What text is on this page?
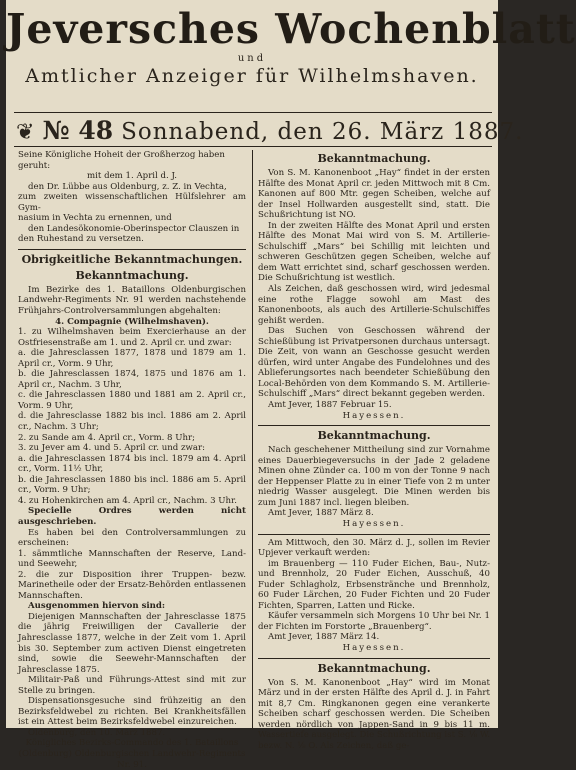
Jeversches Wochenblatt
und
Amtlicher Anzeiger für Wilhelmshaven.
❦ № 48 Sonnabend, den 26. März 1887.

Seine Königliche Hoheit der Großherzog haben

geruht:

mit dem 1. April d. J.

den Dr. Lübbe aus Oldenburg, z. Z. in Vechta,

zum zweiten wissenschaftlichen Hülfslehrer am Gym-

nasium in Vechta zu ernennen, und

den Landesökonomie-Oberinspector Clauszen in

den Ruhestand zu versetzen.

Obrigkeitliche Bekanntmachungen.
Bekanntmachung.

Im Bezirke des 1. Bataillons Oldenburgischen Landwehr-Regiments Nr. 91 werden nachstehende Frühjahrs-Controlversammlungen abgehalten:

4. Compagnie (Wilhelmshaven).

1. zu Wilhelmshaven beim Exercierhause an der Ostfriesenstraße am 1. und 2. April cr. und zwar:

a. die Jahresclassen 1877, 1878 und 1879 am 1. April cr., Vorm. 9 Uhr,

b. die Jahresclassen 1874, 1875 und 1876 am 1. April cr., Nachm. 3 Uhr,

c. die Jahresclassen 1880 und 1881 am 2. April cr., Vorm. 9 Uhr,

d. die Jahresclasse 1882 bis incl. 1886 am 2. April cr., Nachm. 3 Uhr;

2. zu Sande am 4. April cr., Vorm. 8 Uhr;

3. zu Jever am 4. und 5. April cr. und zwar:

a. die Jahresclassen 1874 bis incl. 1879 am 4. April cr., Vorm. 11½ Uhr,

b. die Jahresclassen 1880 bis incl. 1886 am 5. April cr., Vorm. 9 Uhr;

4. zu Hohenkirchen am 4. April cr., Nachm. 3 Uhr.

Specielle Ordres werden nicht ausgeschrieben.

Es haben bei den Controlversammlungen zu erscheinen:

1. sämmtliche Mannschaften der Reserve, Land- und Seewehr,

2. die zur Disposition ihrer Truppen- bezw. Marinetheile oder der Ersatz-Behörden entlassenen Mannschaften.

Ausgenommen hiervon sind:

Diejenigen Mannschaften der Jahresclasse 1875 die jährig Freiwilligen der Cavallerie der Jahresclasse 1877, welche in der Zeit vom 1. April bis 30. September zum activen Dienst eingetreten sind, sowie die Seewehr-Mannschaften der Jahresclasse 1875.

Militair-Paß und Führungs-Attest sind mit zur Stelle zu bringen.

Dispensationsgesuche sind frühzeitig an den Bezirksfeldwebel zu richten. Bei Krankheitsfällen ist ein Attest beim Bezirksfeldwebel einzureichen.

Oldenburg, den 10. März 1887.

Königliches Bezirks-Commando des 1. Bataillons (Oldenburg) Oldenburgischen Landwehr-Regiments Nr. 91.

Bekanntmachung.

Von S. M. Kanonenboot „Hay“ findet in der ersten Hälfte des Monat April cr. jeden Mittwoch mit 8 Cm. Kanonen auf 800 Mtr. gegen Scheiben, welche auf der Insel Hollwarden ausgestellt sind, statt. Die Schußrichtung ist NO.

In der zweiten Hälfte des Monat April und ersten Hälfte des Monat Mai wird von S. M. Artillerie-Schulschiff „Mars“ bei Schillig mit leichten und schweren Geschützen gegen Scheiben, welche auf dem Watt errichtet sind, scharf geschossen werden. Die Schußrichtung ist westlich.

Als Zeichen, daß geschossen wird, wird jedesmal eine rothe Flagge sowohl am Mast des Kanonenboots, als auch des Artillerie-Schulschiffes gehißt werden.

Das Suchen von Geschossen während der Schießübung ist Privatpersonen durchaus untersagt. Die Zeit, von wann an Geschosse gesucht werden dürfen, wird unter Angabe des Fundelohnes und des Ablieferungsortes nach beendeter Schießübung den Local-Behörden von dem Kommando S. M. Artillerie-Schulschiff „Mars“ direct bekannt gegeben werden.

Amt Jever, 1887 Februar 15.

Hayessen.

Bekanntmachung.

Nach geschehener Mittheilung sind zur Vornahme eines Dauerbiegeversuchs in der Jade 2 geladene Minen ohne Zünder ca. 100 m von der Tonne 9 nach der Heppenser Platte zu in einer Tiefe von 2 m unter niedrig Wasser ausgelegt. Die Minen werden bis zum Juni 1887 incl. liegen bleiben.

Amt Jever, 1887 März 8.

Hayessen.

Am Mittwoch, den 30. März d. J., sollen im Revier Upjever verkauft werden:

im Brauenberg — 110 Fuder Eichen, Bau-, Nutz- und Brennholz, 20 Fuder Eichen, Ausschuß, 40 Fuder Schlagholz, Erbsenstränche und Brennholz, 60 Fuder Lärchen, 20 Fuder Fichten und 20 Fuder Fichten, Sparren, Latten und Ricke.

Käufer versammeln sich Morgens 10 Uhr bei Nr. 1 der Fichten im Forstorte „Brauenberg“.

Amt Jever, 1887 März 14.

Hayessen.

Bekanntmachung.

Von S. M. Kanonenboot „Hay“ wird im Monat März und in der ersten Hälfte des April d. J. in Fahrt mit 8,7 Cm. Ringkanonen gegen eine verankerte Scheiben scharf geschossen werden. Die Scheiben werden nördlich von Jappen-Sand in 9 bis 11 m. Wassertiefe ausgelegt. Die Schußrichtung ist S. ⅛ W. bezw. N. ⅛ O. Als Zeichen, daß ge-
